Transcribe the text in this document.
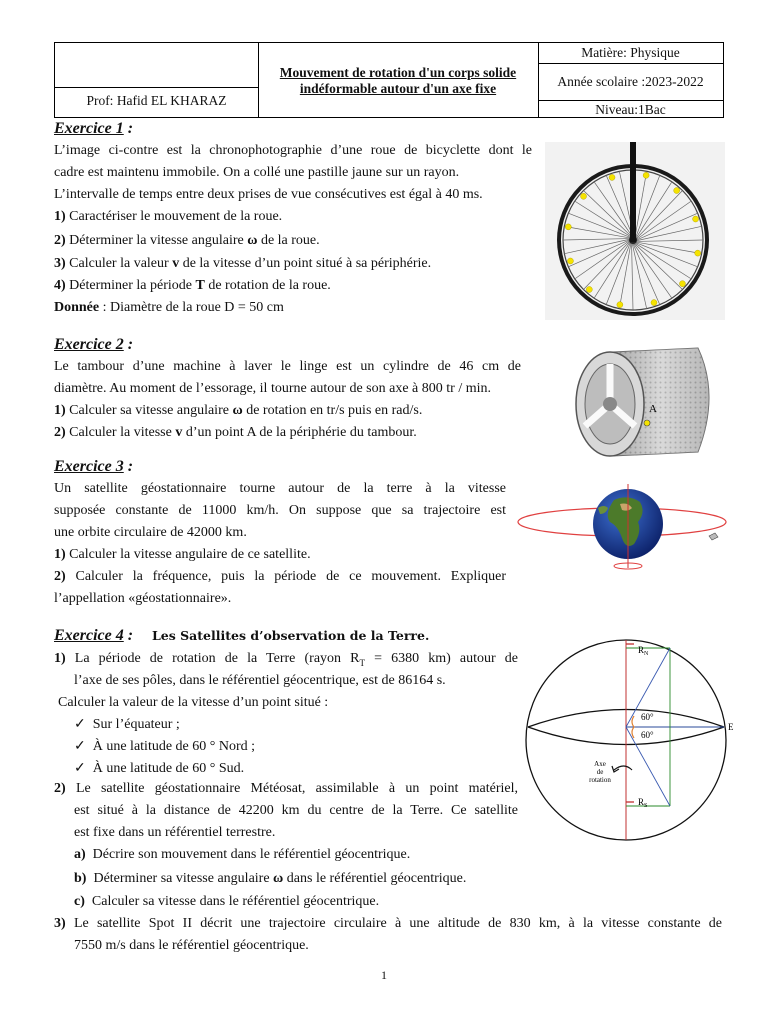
Prof: Hafid EL KHARAZ
Mouvement de rotation d'un corps solide
indéformable autour d'un axe fixe
Matière: Physique
Année scolaire :2023-2022
Niveau:1Bac
Exercice 1 :
L’image ci-contre est la chronophotographie d’une roue de bicyclette dont le
cadre est maintenu immobile. On a collé une pastille jaune sur un rayon.
L’intervalle de temps entre deux prises de vue consécutives est égal à 40 ms.
1) Caractériser le mouvement de la roue.
2) Déterminer la vitesse angulaire ω de la roue.
3) Calculer la valeur v de la vitesse d’un point situé à sa périphérie.
4) Déterminer la période T de rotation de la roue.
Donnée : Diamètre de la roue D = 50 cm
Exercice 2 :
Le tambour d’une machine à laver le linge est un cylindre de 46 cm de
diamètre. Au moment de l’essorage, il tourne autour de son axe à 800 tr / min.
1) Calculer sa vitesse angulaire ω de rotation en tr/s puis en rad/s.
2) Calculer la vitesse v d’un point A de la périphérie du tambour.
A
Exercice 3 :
Un satellite géostationnaire tourne autour de la terre à la vitesse
supposée constante de 11000 km/h. On suppose que sa trajectoire est
une orbite circulaire de 42000 km.
1) Calculer la vitesse angulaire de ce satellite.
2) Calculer la fréquence, puis la période de ce mouvement. Expliquer
l’appellation «géostationnaire».
Exercice 4 : Les Satellites d’observation de la Terre.
1) La période de rotation de la Terre (rayon $R_T = 6380$ km) autour de
l’axe de ses pôles, dans le référentiel géocentrique, est de 86164 s.
Calculer la valeur de la vitesse d’un point situé :
✓ Sur l’équateur ;
✓ À une latitude de 60 ° Nord ;
✓ À une latitude de 60 ° Sud.
2) Le satellite géostationnaire Météosat, assimilable à un point matériel,
est situé à la distance de 42200 km du centre de la Terre. Ce satellite
est fixe dans un référentiel terrestre.
a) Décrire son mouvement dans le référentiel géocentrique.
b) Déterminer sa vitesse angulaire ω dans le référentiel géocentrique.
c) Calculer sa vitesse dans le référentiel géocentrique.
3) Le satellite Spot II décrit une trajectoire circulaire à une altitude de 830 km, à la vitesse constante de
7550 m/s dans le référentiel géocentrique.
$R_N$
$R_S$
60°
60°
E
Axe
de
rotation
1
